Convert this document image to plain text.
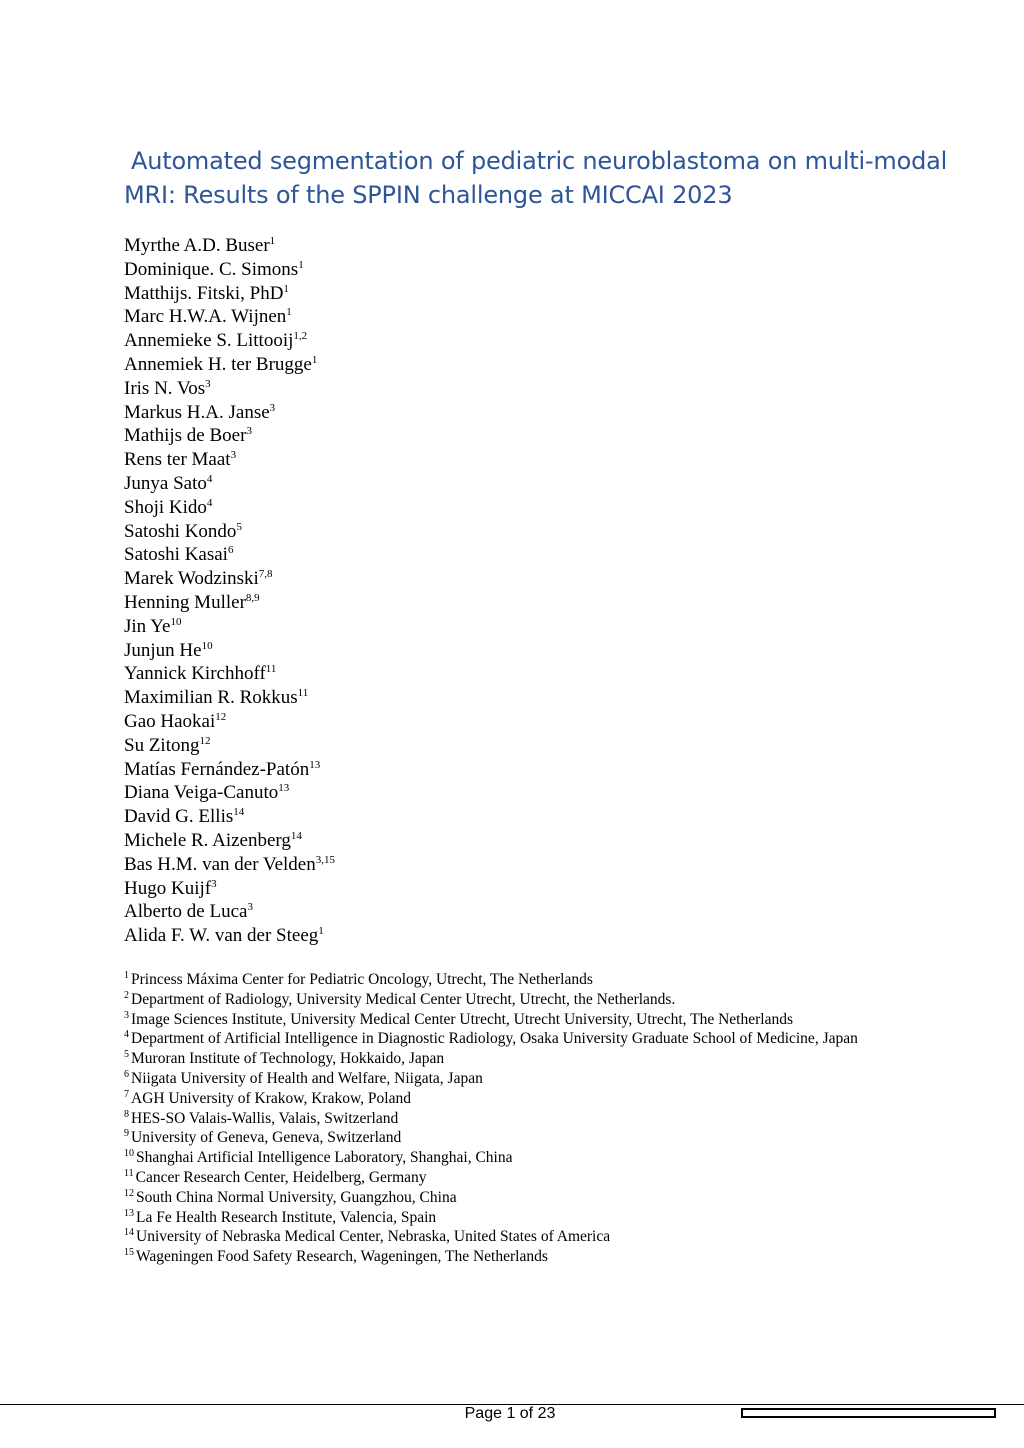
Automated segmentation of pediatric neuroblastoma on multi-modal
MRI: Results of the SPPIN challenge at MICCAI 2023
Myrthe A.D. Buser$^1$
Dominique. C. Simons$^1$
Matthijs. Fitski, PhD$^1$
Marc H.W.A. Wijnen$^1$
Annemieke S. Littooij$^{1,2}$
Annemiek H. ter Brugge$^1$
Iris N. Vos$^3$
Markus H.A. Janse$^3$
Mathijs de Boer$^3$
Rens ter Maat$^3$
Junya Sato$^4$
Shoji Kido$^4$
Satoshi Kondo$^5$
Satoshi Kasai$^6$
Marek Wodzinski$^{7,8}$
Henning Muller$^{8,9}$
Jin Ye$^{10}$
Junjun He$^{10}$
Yannick Kirchhoff$^{11}$
Maximilian R. Rokkus$^{11}$
Gao Haokai$^{12}$
Su Zitong$^{12}$
Matías Fernández-Patón$^{13}$
Diana Veiga-Canuto$^{13}$
David G. Ellis$^{14}$
Michele R. Aizenberg$^{14}$
Bas H.M. van der Velden$^{3,15}$
Hugo Kuijf$^3$
Alberto de Luca$^3$
Alida F. W. van der Steeg$^1$
$^1$ Princess Máxima Center for Pediatric Oncology, Utrecht, The Netherlands
$^2$ Department of Radiology, University Medical Center Utrecht, Utrecht, the Netherlands.
$^3$ Image Sciences Institute, University Medical Center Utrecht, Utrecht University, Utrecht, The Netherlands
$^4$ Department of Artificial Intelligence in Diagnostic Radiology, Osaka University Graduate School of Medicine, Japan
$^5$ Muroran Institute of Technology, Hokkaido, Japan
$^6$ Niigata University of Health and Welfare, Niigata, Japan
$^7$ AGH University of Krakow, Krakow, Poland
$^8$ HES-SO Valais-Wallis, Valais, Switzerland
$^9$ University of Geneva, Geneva, Switzerland
$^{10}$ Shanghai Artificial Intelligence Laboratory, Shanghai, China
$^{11}$ Cancer Research Center, Heidelberg, Germany
$^{12}$ South China Normal University, Guangzhou, China
$^{13}$ La Fe Health Research Institute, Valencia, Spain
$^{14}$ University of Nebraska Medical Center, Nebraska, United States of America
$^{15}$ Wageningen Food Safety Research, Wageningen, The Netherlands
Page 1 of 23
